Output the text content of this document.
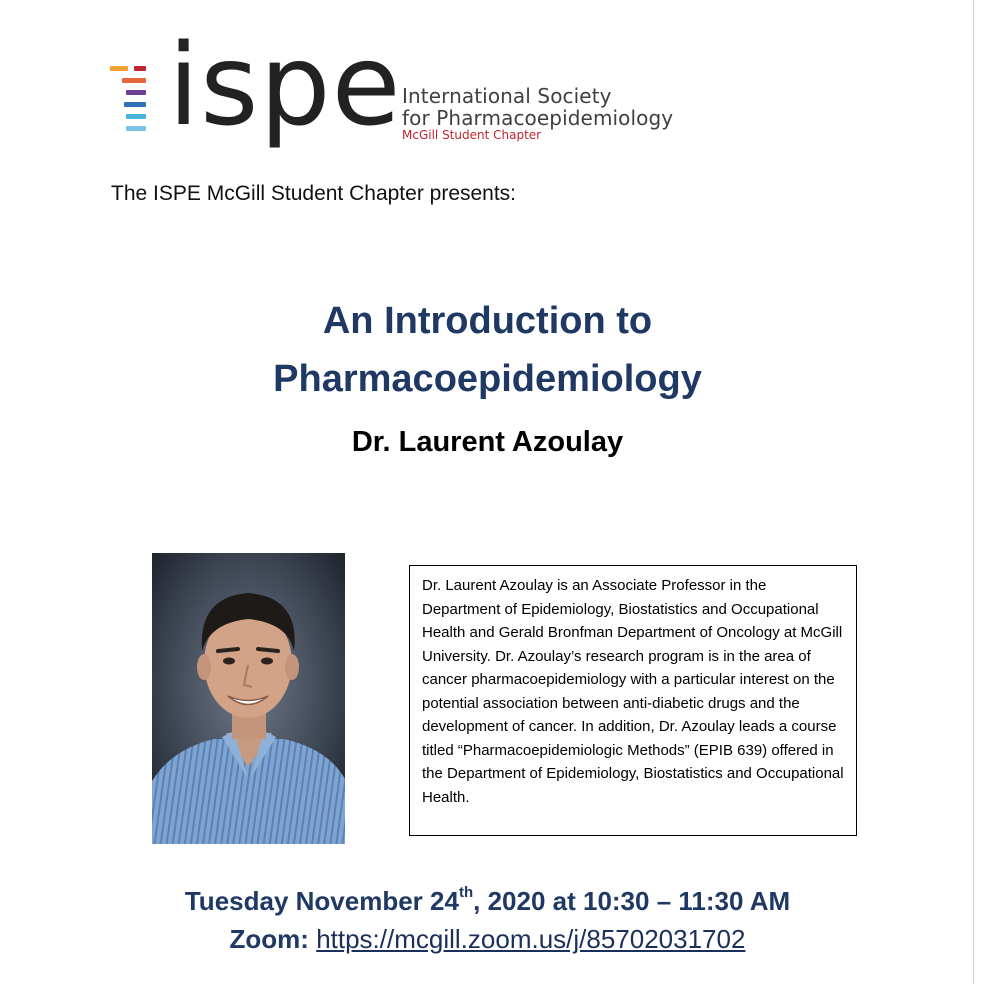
ispe International Society
for Pharmacoepidemiology
McGill Student Chapter
The ISPE McGill Student Chapter presents:
An Introduction to
Pharmacoepidemiology
Dr. Laurent Azoulay

Dr. Laurent Azoulay is an Associate Professor in the Department of Epidemiology, Biostatistics and Occupational Health and Gerald Bronfman Department of Oncology at McGill University. Dr. Azoulay’s research program is in the area of cancer pharmacoepidemiology with a particular interest on the potential association between anti-diabetic drugs and the development of cancer. In addition, Dr. Azoulay leads a course titled “Pharmacoepidemiologic Methods” (EPIB 639) offered in the Department of Epidemiology, Biostatistics and Occupational Health.

Tuesday November 24th, 2020 at 10:30 – 11:30 AM
Zoom: https://mcgill.zoom.us/j/85702031702
